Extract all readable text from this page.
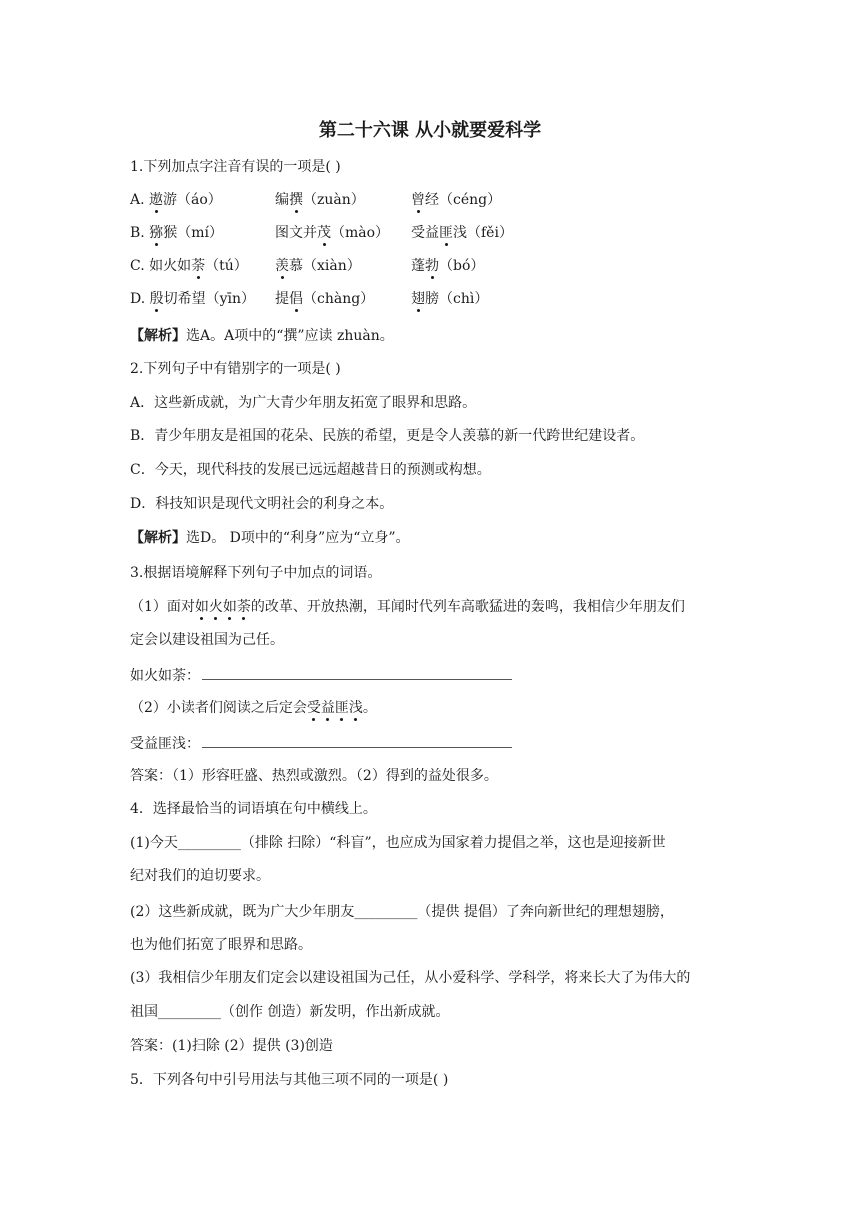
第二十六课 从小就要爱科学
1.下列加点字注音有误的一项是( )
A. 遨游（áo）	编撰（zuàn）	曾经（céng）
B. 猕猴（mí）	图文并茂（mào） 受益匪浅（fěi）
C. 如火如荼（tú） 羡慕（xiàn）	蓬勃（bó）
D. 殷切希望（yīn） 提倡（chàng）	翅膀（chì）
【解析】选A。A项中的“撰”应读 zhuàn。
2.下列句子中有错别字的一项是( )
A．这些新成就，为广大青少年朋友拓宽了眼界和思路。
B．青少年朋友是祖国的花朵、民族的希望，更是令人羡慕的新一代跨世纪建设者。
C．今天，现代科技的发展已远远超越昔日的预测或构想。
D．科技知识是现代文明社会的利身之本。
【解析】选D。 D项中的“利身”应为“立身”。
3.根据语境解释下列句子中加点的词语。
（1）面对如火如荼的改革、开放热潮，耳闻时代列车高歌猛进的轰鸣，我相信少年朋友们
定会以建设祖国为己任。
如火如荼：
（2）小读者们阅读之后定会受益匪浅。
受益匪浅：
答案：（1）形容旺盛、热烈或激烈。（2）得到的益处很多。
4．选择最恰当的词语填在句中横线上。
(1)今天_________（排除 扫除）“科盲”，也应成为国家着力提倡之举，这也是迎接新世
纪对我们的迫切要求。
(2）这些新成就，既为广大少年朋友_________（提供 提倡）了奔向新世纪的理想翅膀，
也为他们拓宽了眼界和思路。
(3）我相信少年朋友们定会以建设祖国为己任，从小爱科学、学科学，将来长大了为伟大的
祖国_________（创作 创造）新发明，作出新成就。
答案：(1)扫除 (2）提供 (3)创造
5．下列各句中引号用法与其他三项不同的一项是( )
